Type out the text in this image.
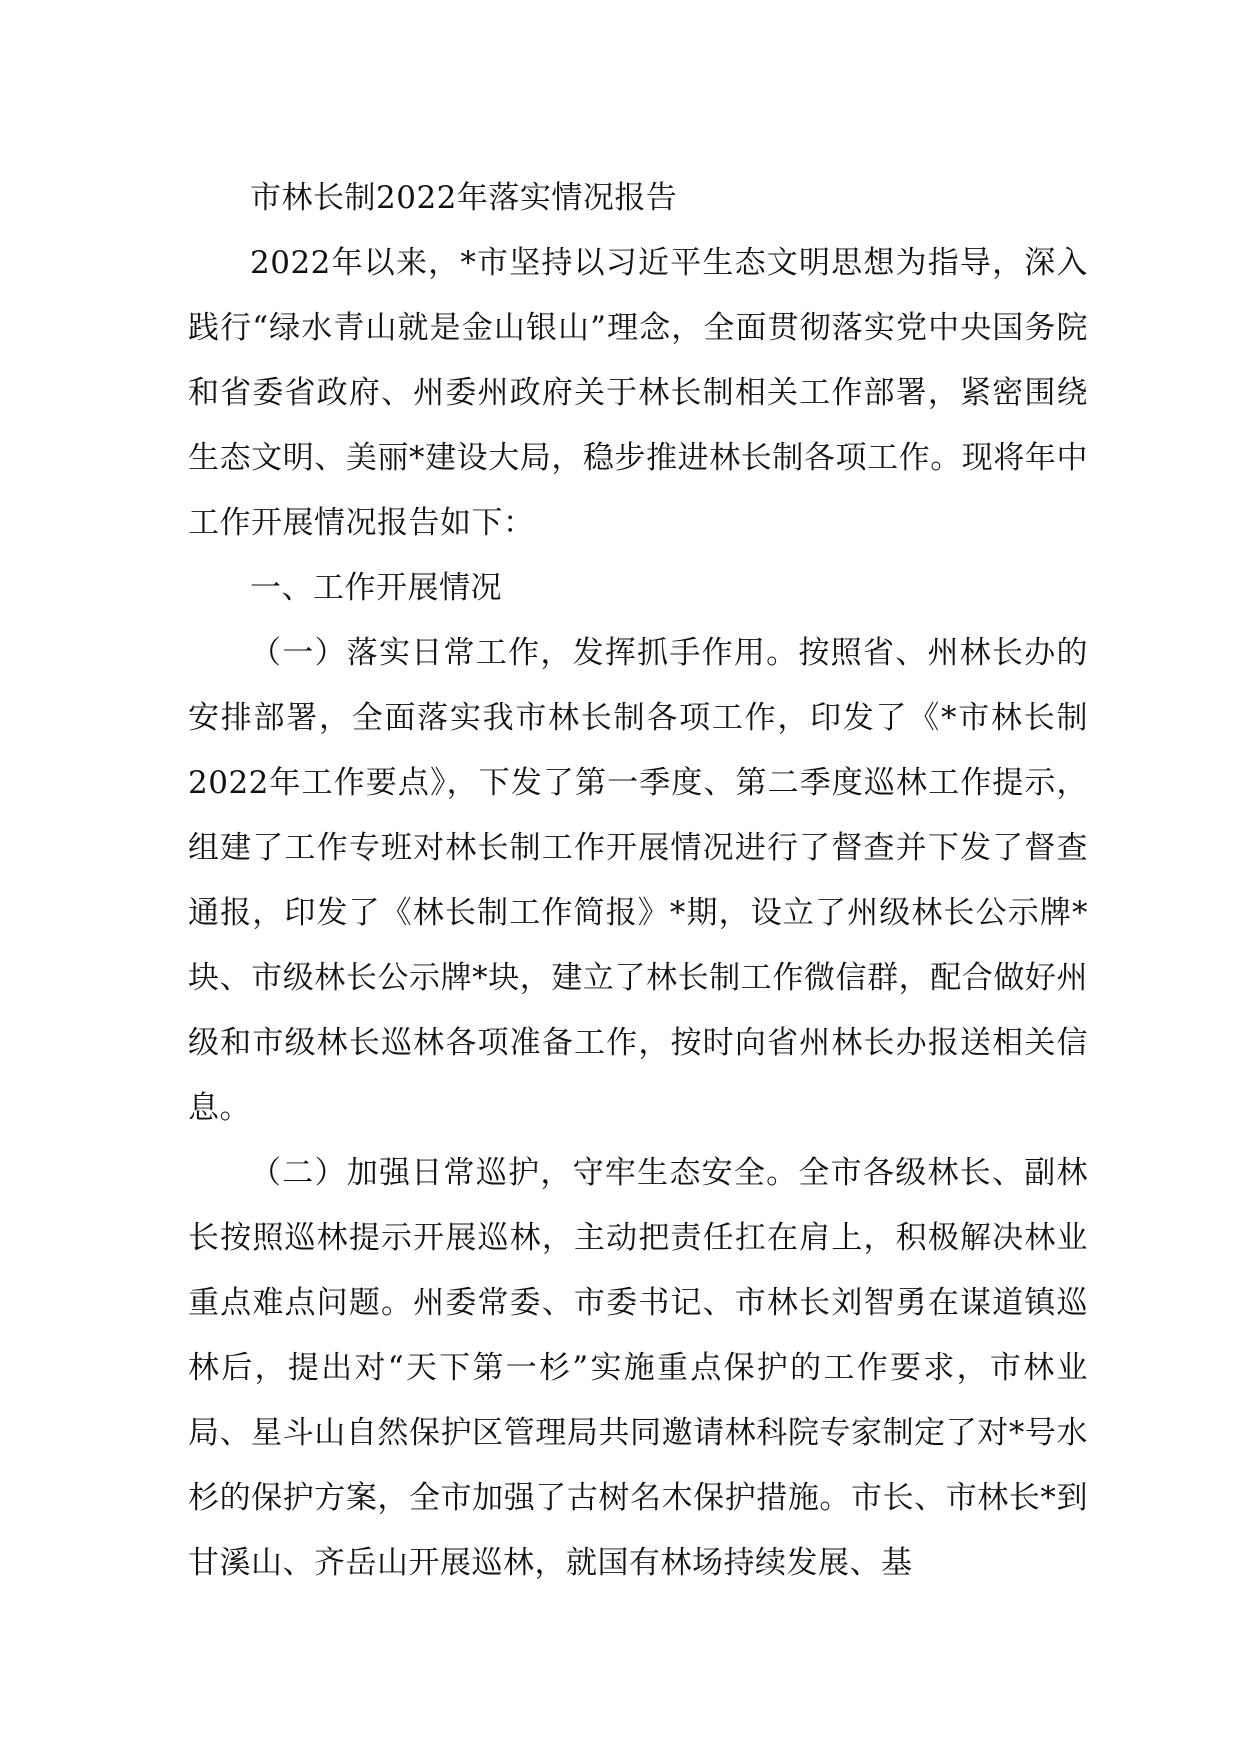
市林长制2022年落实情况报告

2022年以来，*市坚持以习近平生态文明思想为指导，深入践行“绿水青山就是金山银山”理念，全面贯彻落实党中央国务院和省委省政府、州委州政府关于林长制相关工作部署，紧密围绕生态文明、美丽*建设大局，稳步推进林长制各项工作。现将年中工作开展情况报告如下：

一、工作开展情况

（一）落实日常工作，发挥抓手作用。按照省、州林长办的安排部署，全面落实我市林长制各项工作，印发了《*市林长制2022年工作要点》，下发了第一季度、第二季度巡林工作提示，组建了工作专班对林长制工作开展情况进行了督查并下发了督查通报，印发了《林长制工作简报》*期，设立了州级林长公示牌*块、市级林长公示牌*块，建立了林长制工作微信群，配合做好州级和市级林长巡林各项准备工作，按时向省州林长办报送相关信息。

（二）加强日常巡护，守牢生态安全。全市各级林长、副林长按照巡林提示开展巡林，主动把责任扛在肩上，积极解决林业重点难点问题。州委常委、市委书记、市林长刘智勇在谋道镇巡林后，提出对“天下第一杉”实施重点保护的工作要求，市林业局、星斗山自然保护区管理局共同邀请林科院专家制定了对*号水杉的保护方案，全市加强了古树名木保护措施。市长、市林长*到甘溪山、齐岳山开展巡林，就国有林场持续发展、基
